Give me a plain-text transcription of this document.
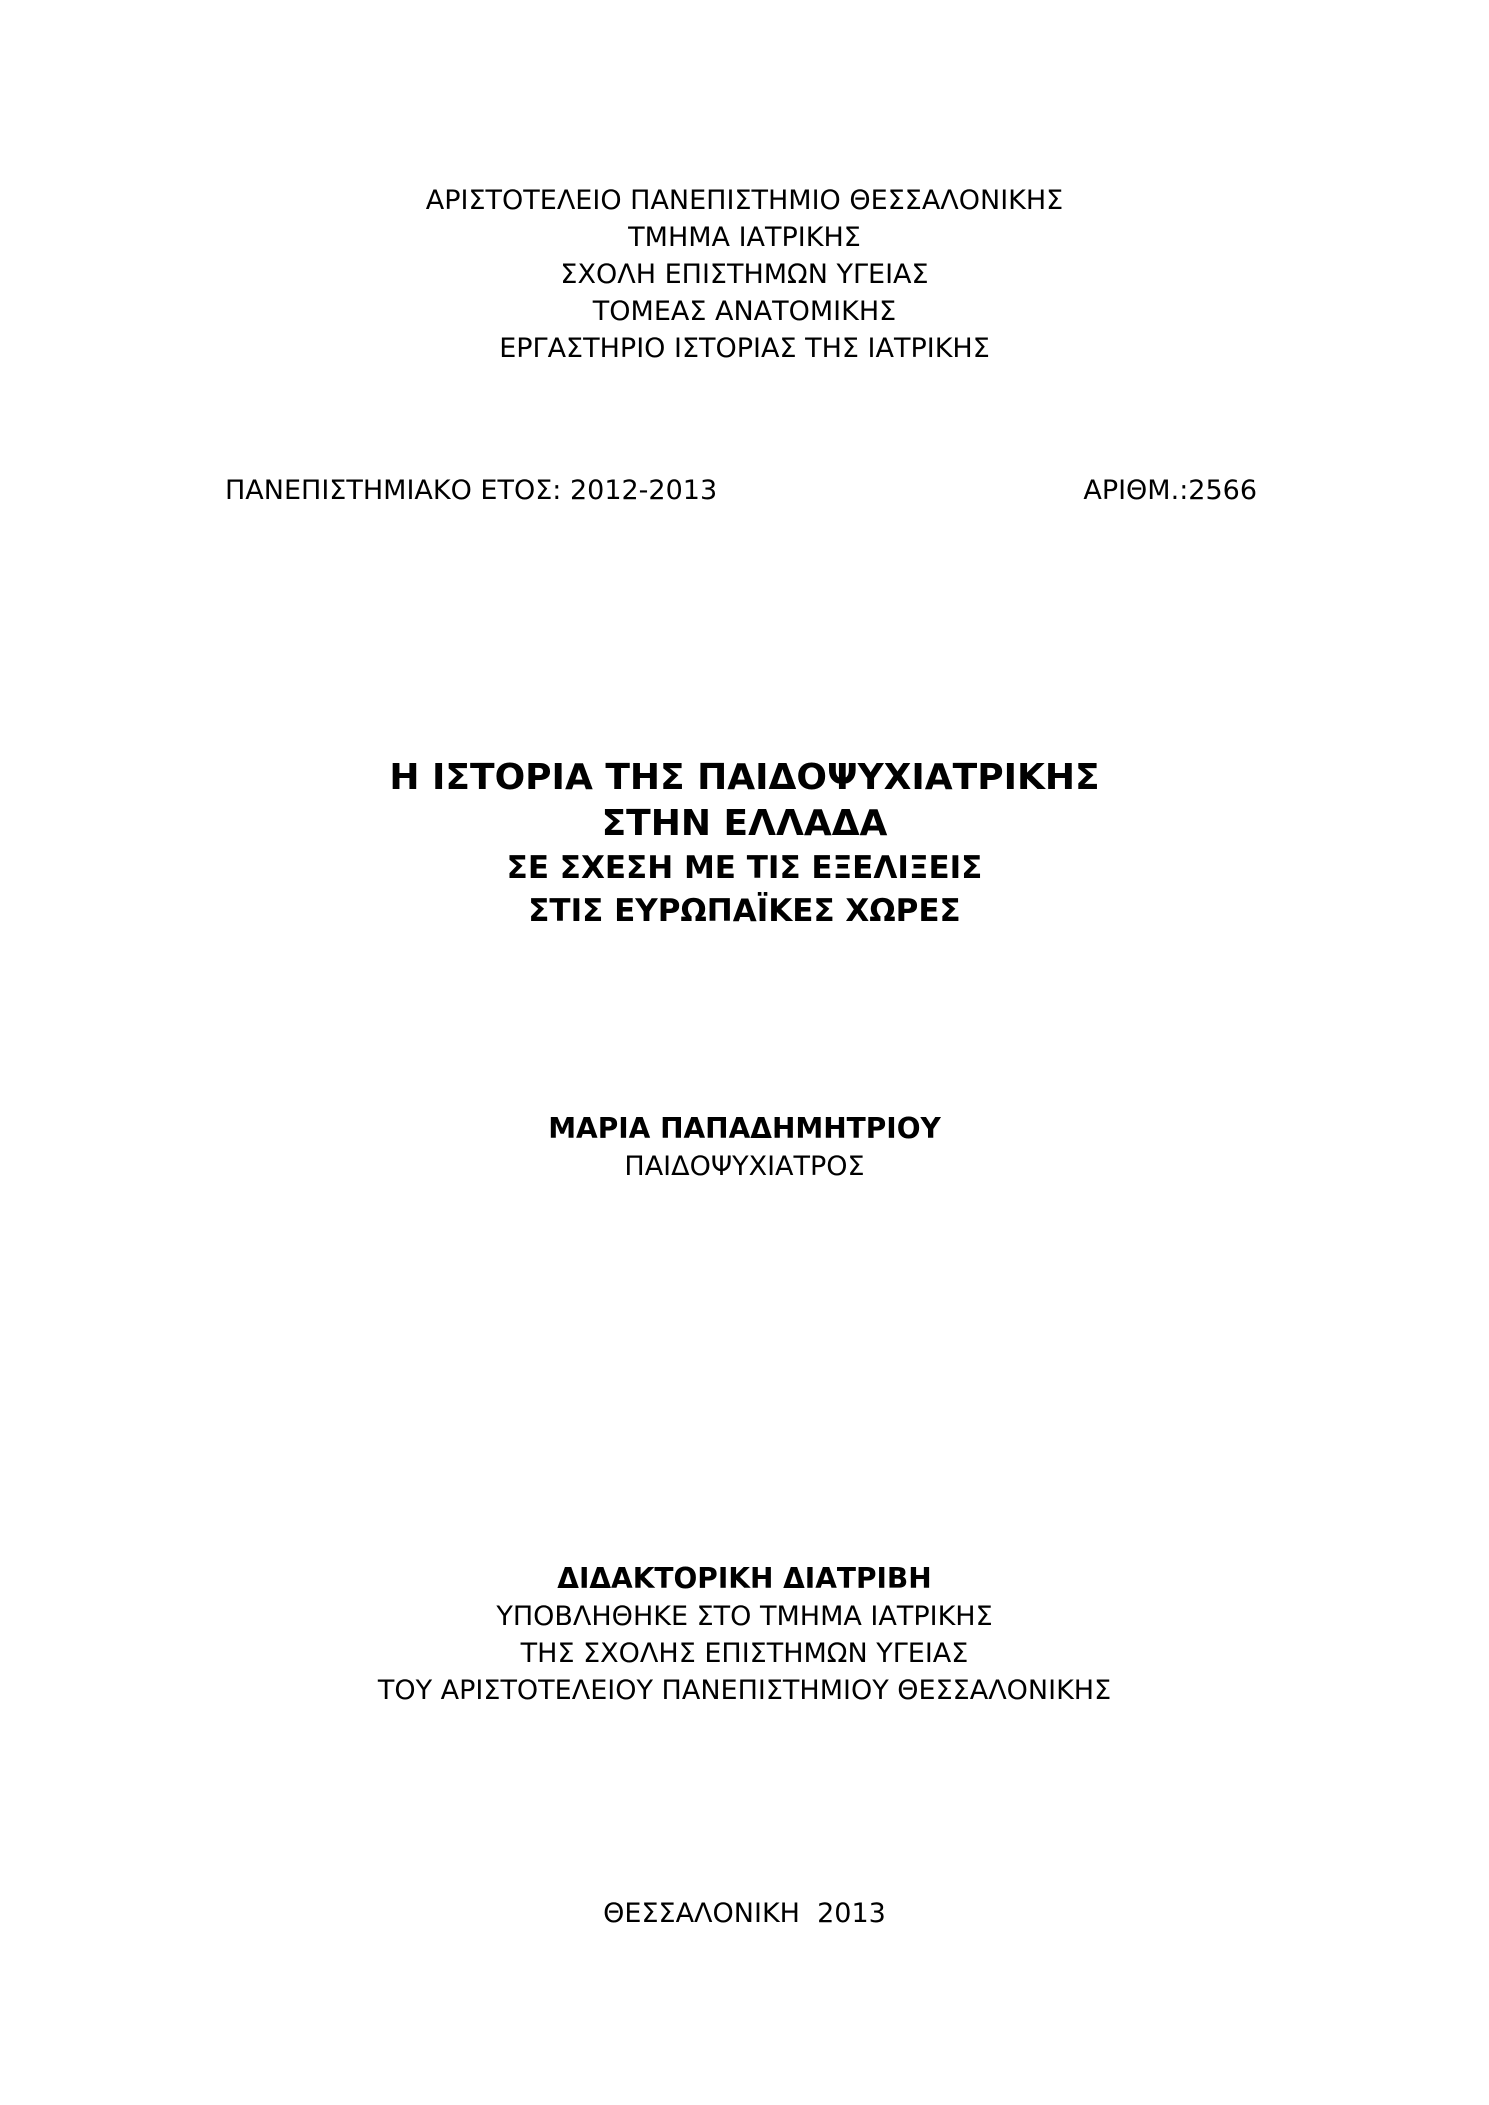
ΑΡΙΣΤΟΤΕΛΕΙΟ ΠΑΝΕΠΙΣΤΗΜΙΟ ΘΕΣΣΑΛΟΝΙΚΗΣ
ΤΜΗΜΑ ΙΑΤΡΙΚΗΣ
ΣΧΟΛΗ ΕΠΙΣΤΗΜΩΝ ΥΓΕΙΑΣ
ΤΟΜΕΑΣ ΑΝΑΤΟΜΙΚΗΣ
ΕΡΓΑΣΤΗΡΙΟ ΙΣΤΟΡΙΑΣ ΤΗΣ ΙΑΤΡΙΚΗΣ
ΠΑΝΕΠΙΣΤΗΜΙΑΚΟ ΕΤΟΣ: 2012-2013	ΑΡΙΘΜ.:2566
Η ΙΣΤΟΡΙΑ ΤΗΣ ΠΑΙΔΟΨΥΧΙΑΤΡΙΚΗΣ
ΣΤΗΝ ΕΛΛΑΔΑ
ΣΕ ΣΧΕΣΗ ΜΕ ΤΙΣ ΕΞΕΛΙΞΕΙΣ
ΣΤΙΣ ΕΥΡΩΠΑΪΚΕΣ ΧΩΡΕΣ
ΜΑΡΙΑ ΠΑΠΑΔΗΜΗΤΡΙΟΥ
ΠΑΙΔΟΨΥΧΙΑΤΡΟΣ
ΔΙΔΑΚΤΟΡΙΚΗ ΔΙΑΤΡΙΒΗ
ΥΠΟΒΛΗΘΗΚΕ ΣΤΟ ΤΜΗΜΑ ΙΑΤΡΙΚΗΣ
ΤΗΣ ΣΧΟΛΗΣ ΕΠΙΣΤΗΜΩΝ ΥΓΕΙΑΣ
ΤΟΥ ΑΡΙΣΤΟΤΕΛΕΙΟΥ ΠΑΝΕΠΙΣΤΗΜΙΟΥ ΘΕΣΣΑΛΟΝΙΚΗΣ
ΘΕΣΣΑΛΟΝΙΚΗ  2013
